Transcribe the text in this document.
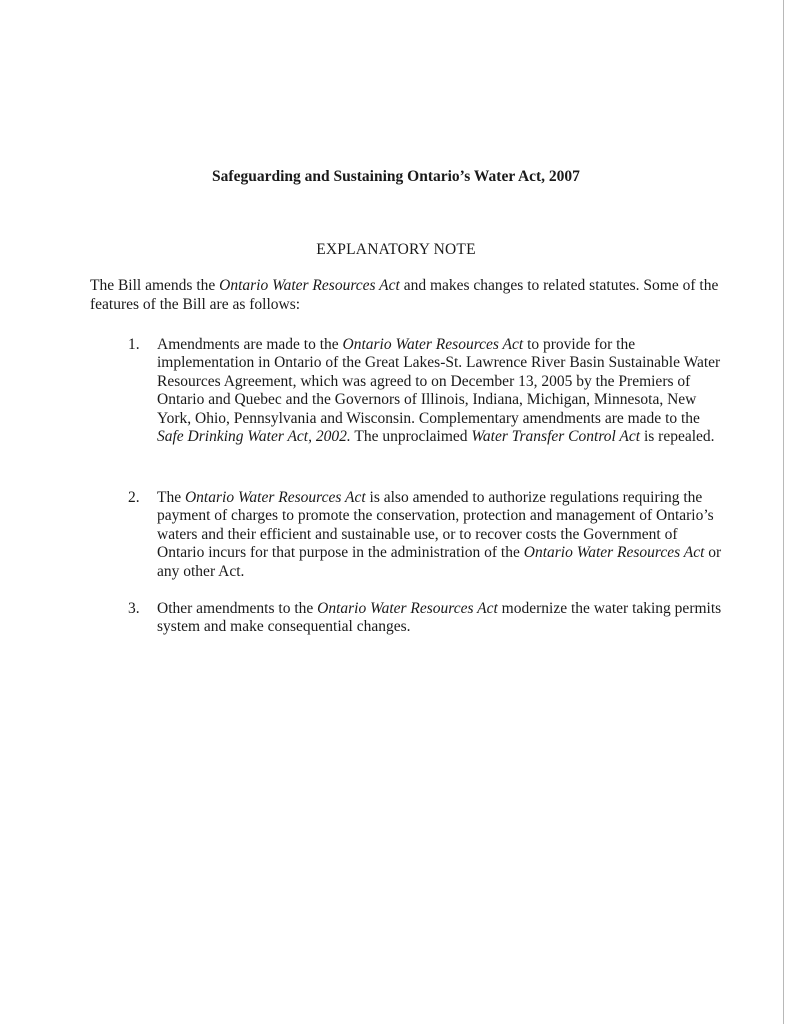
Safeguarding and Sustaining Ontario’s Water Act, 2007
EXPLANATORY NOTE
The Bill amends the Ontario Water Resources Act and makes changes to related statutes. Some of the features of the Bill are as follows:
1.	Amendments are made to the Ontario Water Resources Act to provide for the implementation in Ontario of the Great Lakes-St. Lawrence River Basin Sustainable Water Resources Agreement, which was agreed to on December 13, 2005 by the Premiers of Ontario and Quebec and the Governors of Illinois, Indiana, Michigan, Minnesota, New York, Ohio, Pennsylvania and Wisconsin. Complementary amendments are made to the Safe Drinking Water Act, 2002. The unproclaimed Water Transfer Control Act is repealed.
2.	The Ontario Water Resources Act is also amended to authorize regulations requiring the payment of charges to promote the conservation, protection and management of Ontario’s waters and their efficient and sustainable use, or to recover costs the Government of Ontario incurs for that purpose in the administration of the Ontario Water Resources Act or any other Act.
3.	Other amendments to the Ontario Water Resources Act modernize the water taking permits system and make consequential changes.
